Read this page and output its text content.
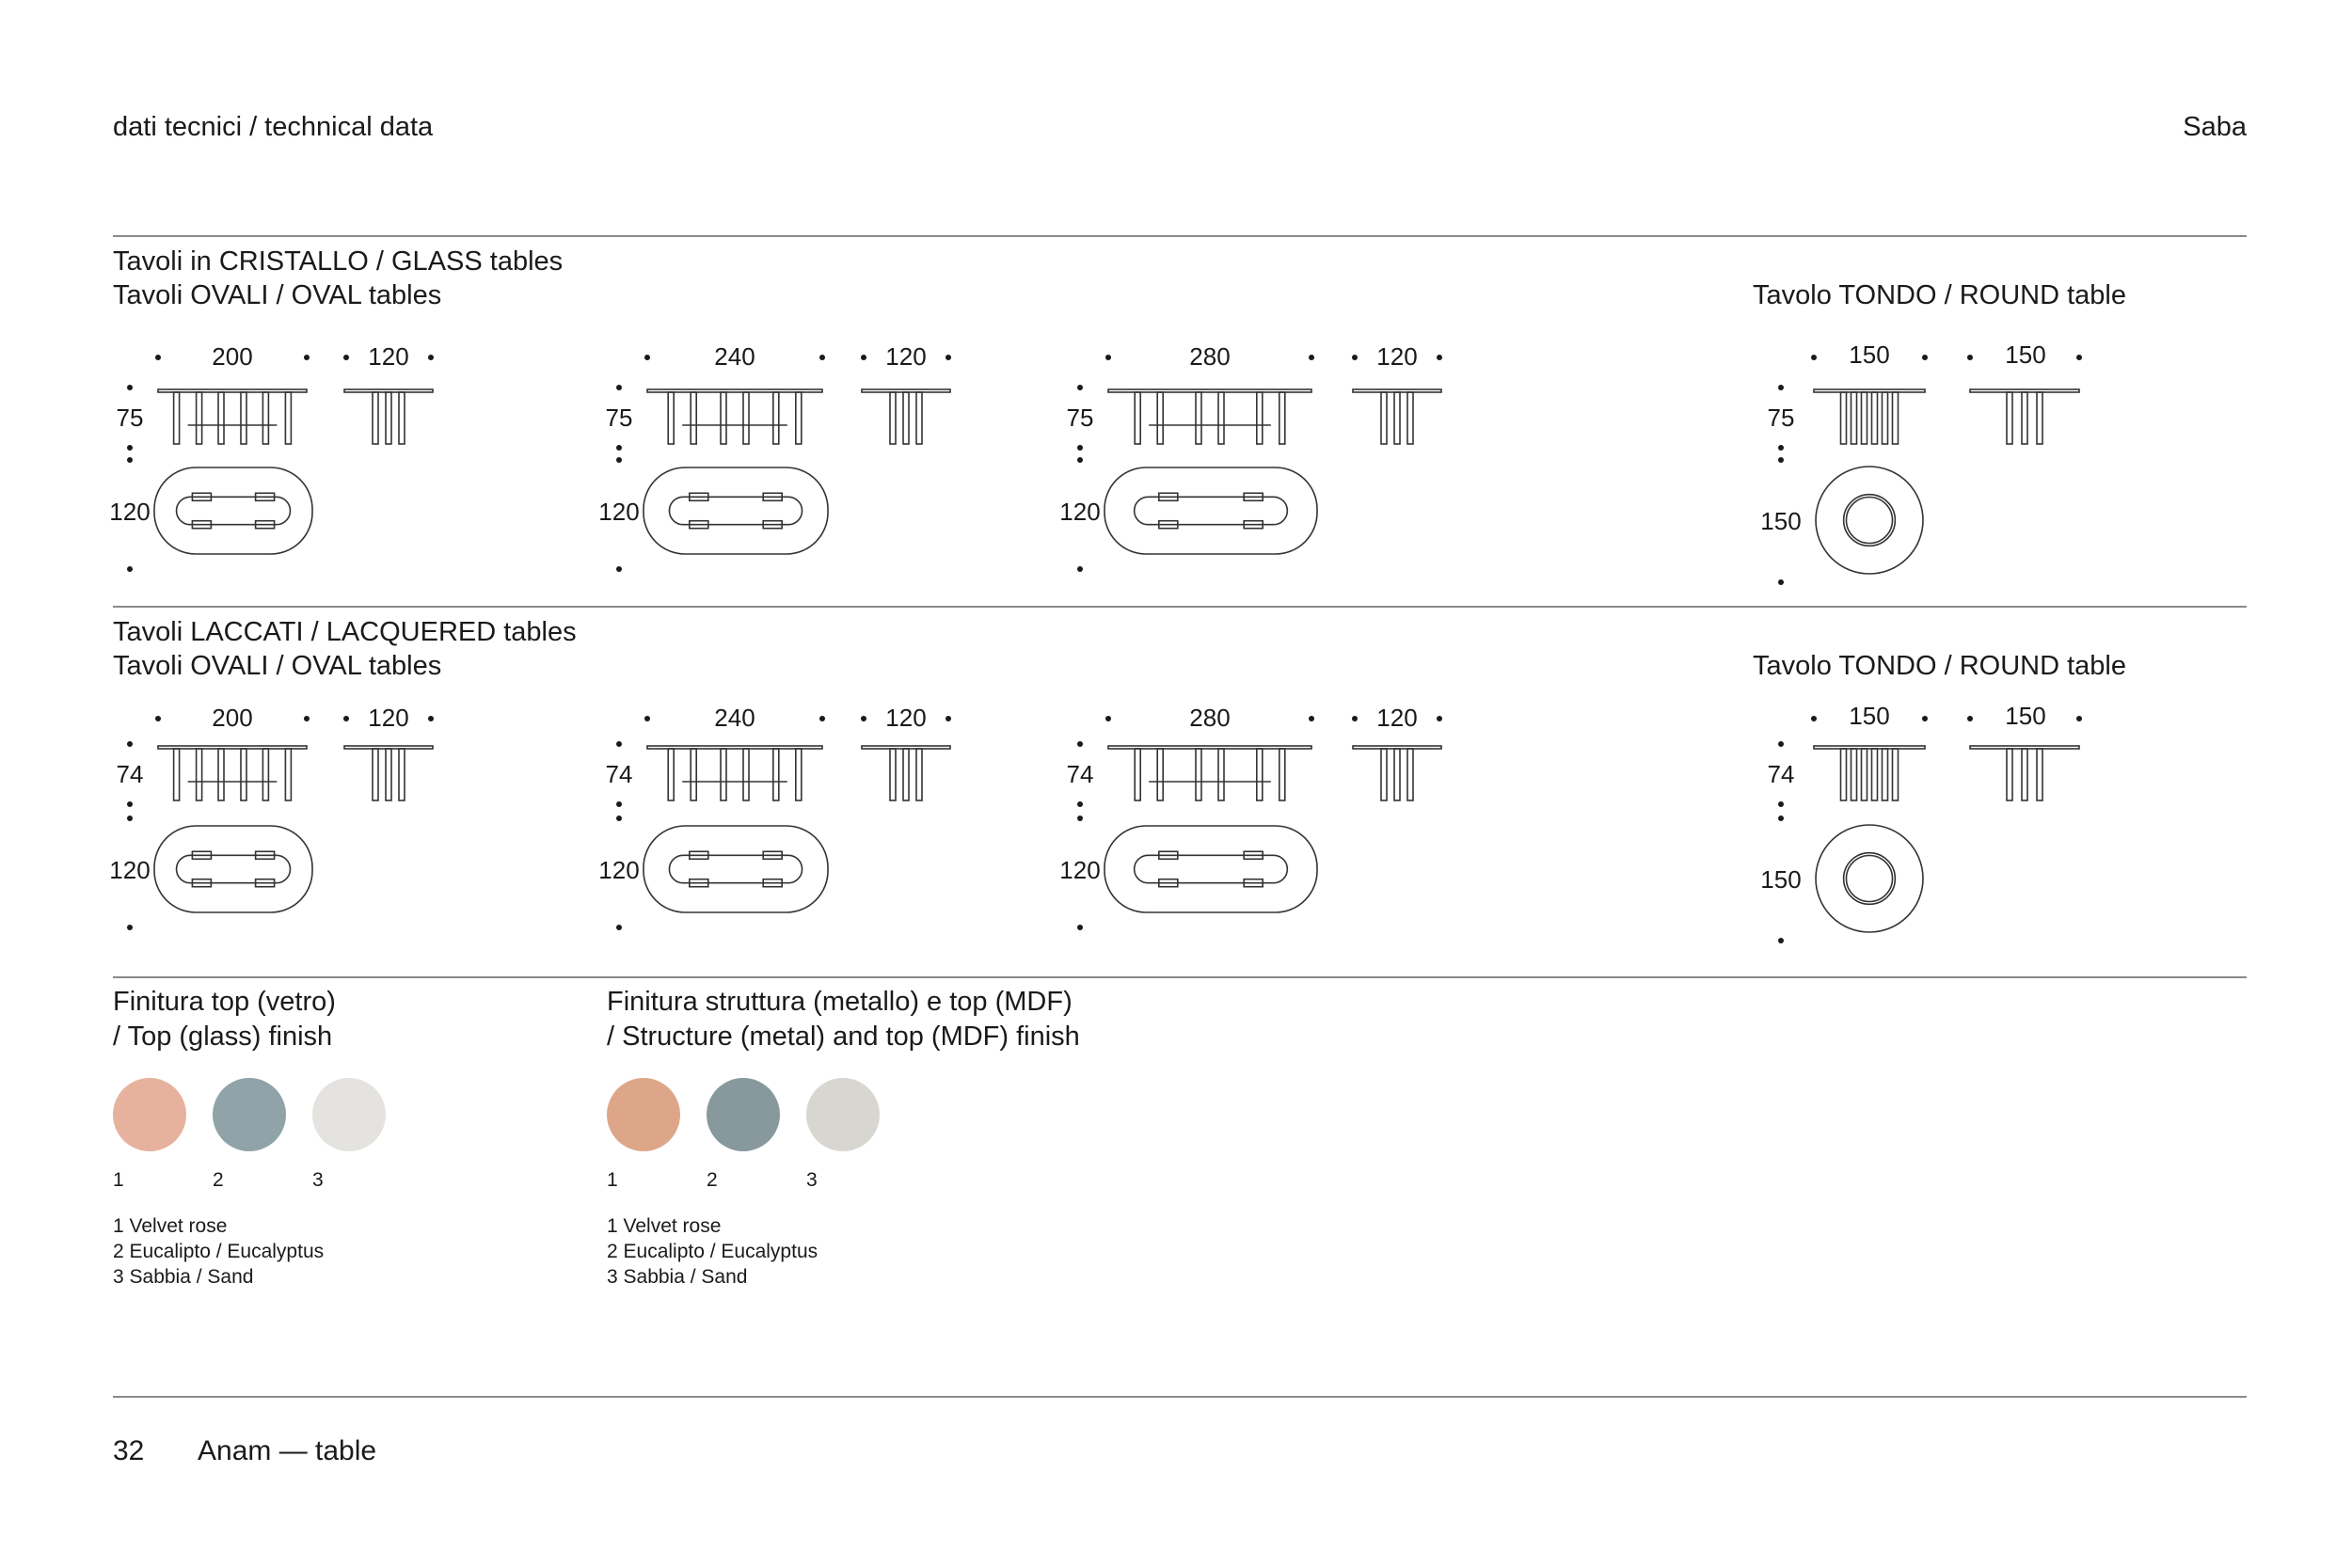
dati tecnici / technical data	Saba
Tavoli in CRISTALLO / GLASS tables
Tavoli OVALI / OVAL tables	Tavolo TONDO / ROUND table
Tavoli LACCATI / LACQUERED tables
Tavoli OVALI / OVAL tables	Tavolo TONDO / ROUND table
200	120
75
120
240	120
75
120
280	120
75
120
150	150
75
150
200	120
74
120
240	120
74
120
280	120
74
120
150	150
74
150
Finitura top (vetro)
/ Top (glass) finish
Finitura struttura (metallo) e top (MDF)
/ Structure (metal) and top (MDF) finish
1	2	3	1	2	3
1 Velvet rose
2 Eucalipto / Eucalyptus
3 Sabbia / Sand
1 Velvet rose
2 Eucalipto / Eucalyptus
3 Sabbia / Sand
32 Anam — table
